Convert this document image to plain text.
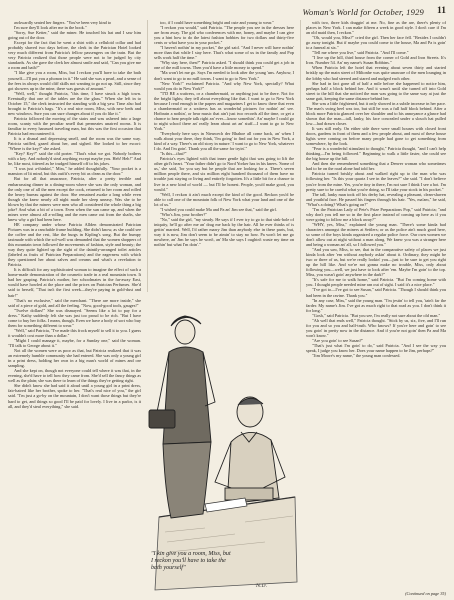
Woman's World for October, 1929 11

awkwardly seated her fingers. "You've been very kind to

I'm sure they'll look after me in the book."

"Sorry, Sue Ketter," said the miner. He touched his hat and I saw him going out of the door.

Except for the fact that he went a shirt with a celluloid collar and had probably shaved two days before, the clerk in the Patrician Hotel looked very much different from Patricia's fellow passengers on the train. But the very Patricia realized that those people were not to be judged by city standards. As she gave the clerk her almost smile and said, "Can you give me a room and bath?"

"I like give you a room, Miss, but I reckon you'll have to take the bath yourself—I'll put you a phonon in it." He said she was a pearl, and a sense of the fees in always would cliff skills not wanting to go not up. Still, since they got showers up in the mine, there was guests of amount."

"Well, well," thought Patricia, "this time, I have struck a high town. Eventually that one of the tables are the the glass." When she left in to October 15," the clerk instructed the standing with a big yaw. Time also had brought to Patricia's bags. "It's a real nice room, Miss, with new beds and new windows. Sure you can sure changes about if you do like it."

Patricia followed the moving of the stairs and was ushered into a large room, scanty with the peculiar smell that permeates unaired rooms. It is familiar to every harassed traveling man, but this was the first occasion that Patricia had encountered it.

It is a dismal and depressing smell, and the room was the same way. Patricia sniffed, gazed about her, and sighed. She looked to her escort: "Where is the key?" she asked.

"Key? Key?" said the old porter. "That's what we got. Nobody bothers with a key. And nobody'd steal anything except maybe you. Heh! Heh!" And he, like most, tittered as he trudged himself off to his jokes.

"I was just a-thinkin'," Miss," he added thoughtfully. "Your pocket is a mansion of lit mind, but this outfit's every bit as clean as the door."

But for all that assurance, Patricia, after a pretty terrible and embarrassing dinner in a dining-room where she was the only woman, and the only one of all the men except the cook, returned to her room and rolled the heavy bureau against the door. She remained awake a long while even though she knew nearly all night made her sleep uneasy. Was she to be blown by that the miners were men who all considered the whole thing a big joke? And what a bit of a town. Even when the sun came up, and when the mines were almost all a-rolling and the men came out from the shafts, she knew why a girl had been here.

HE company under whose Patricia Allden demonstrated Patrician Pictures was in a ranchable frame building. She didn't know, as she could see the coffee and the rest, like the burgs in Kipling's song. But the bumpy taximade with which the sol-well was demanded that the women shoppers of this mountain town followed the movements of fashion, style and beauty; the way they quite lighted up the sight of the daintily-arranged toilet articles (labeled as fruits of Patrician Preparations) and the eagerness with which they questioned her about salves and creams and what's a revelation to Patricia.

It is difficult for any sophisticated woman to imagine the effect of such a home-made demonstration of the cosmetic trade in a real mountain town. It had her gasping. Patricia's mother, her schoolmates in the far-away East, would have howled at the place and the prices on Patrician Perfumes. She'd said to herself, "That isn't the first week—they're paying in gold-dust and hair!"

"That's no exclusive," said the merchant. "There are more inside," she said of a piece of gold, and all the feeling. "Now, good-good tools, gauges!"

"Twelve dollars!" She was dismayed. "Seems like a lot to pay for a dress." Kathy suddenly felt she was just too proud to be rich. "But I have come to buy her folks. I mean, though. Even we have a body of sort who buy them for something different to wear."

"Well," said Patricia, "I've made this frock myself to sell it to you. I guess it wouldn't cost more than a dollar."

"Might I could manage it, maybe, for a Sunday one," said the woman. "I'll talk to George about it."

Not all the women were as poor as that, but Patricia realized that it was an extremely humble community she had entered. She was only a young girl in a print dress, holding her own in a big man's world of mines and ore sampling.

And she kept on, though not everyone could tell where it was that, in the evening, she'd have to tell how they came from. She'd sell the fancy things as well as the plain; she was there to learn of the things they're getting right.

She didn't know she had said it aloud until a young girl in a print dress, fair-haired like her brother, spoke to her. "That's real nice of you," the girl said. "I'm just a go-by on the mountain, I don't want those things but they're hard to get, and things so good I'll be paid for lovely. I live in a parlor, is it all, and they'd steal everything," she said.

too, if I could have something bright and cute and young to wear."

"I reckon you would," said Patricia. "The people you see in the dresses here are from away. The girl who conferences with me, honey, and maybe I can give you a hint how to do the latest fashion hobbies for two dollars and thirty-five cents or what have you in your pocket."

"I haven't nothin' in my pocket," the girl said. "And I never will have nothin' more than that while I stay here. That's what some of us in the family and Pop sells work half the time."

"Why stay here, then?" Patricia asked. "I should think you could get a job in one of the mill towns. Then you'd have a little money to spend."

"Ma won't let me go. Says I'm needed to look after the young 'uns. Anyhow, I don't want to go to no mill towns. I want to go to New York."

"New York!" exclaimed Patricia. "And why New York, specially? What would you do in New York?"

"T'D BE a waitress, or a chambermaid, or anything just to be there. Not for the bright lights; they tell about everything like that. I want to go to New York because I read enough in the papers and magazines I get to know there that even a chambermaid or a waitress has as wonderful pictures for nothin' an' see. Hotbrain a nothin', or hear music that ain't just two records all the time, or get a chance to hear people talk right an' ever—know somethin'. An' maybe I could go to night school there an' really learn about art an' stuff—I want to go to New York."

"Everybody here says in Nieuwech der Bhahoe all come back, an' when I walk about your there, they think, 'I'm going' to find out for you in New York, a kind of a way. There's an old story in nature.' I want to go to New York, whatever I do. And I'm goin'. Thank you all the same for tryin'."

"Is this—that?"

Patricia's eyes lighted with that inner gentle light that was going to lift the other girl's heart. "Your father didn't go to Nord Yorker has in his knees. 'Some of us,' she said, 'for you say but he people that are looking for a. There's seven million people there, and six million eight hundred thousand of them have no trouble just staying or living and entirely forgotten. It's a little bit for a chance to live in a new kind of world — but I'll be honest. People, you'd make good, you would."

"Well, I reckon it ain't much except the kind of the good. Reckon you'd be able to call one of the mountain folk of New York what your land and one of the lot of us."

"I wished you could make Ma and Pa an' Jim see that," said the girl.

"Who's Jim, your brother?"

"No," said the girl, "my steady. He says if I ever try to go to that sink-hole of iniquity, he'll go after me an' drag me back by the hair. All he ever thinks of is gettin' married. Well, I'd rather marry Jim than anybody else in these parts, but, way it is now, Jim don't seem to be aimin' to stay no how. Pa won't let me go nowhere, an' Jim he says he won't, an' Ma she says I oughtn't waste my time on nothin' but what I'm doin'."

with two, three kids draggin' at me. No, fine as the are, there's plenty of places in New York. I can make fifteen a week in good style. I don't care if I'm an old maid then, I reckon."

"Oh, would you, Miss?" cried the girl. Then her face fell. "Besides I couldn't go away tonight. But if maybe you could come to the house, Ma and Pa is goin' to a funeral at six."

"Tell me where you live," said Patricia. "And I'll come."

"I live up the hill, third house from the corner of Gold and Iron Streets. It's Iron. Number 54. An' my name's Susan Robbins."

When Patricia left the hotel that evening about seven thirty and started briskly up the main street of Miltonhe was quite unaware of the men lounging in the lobby who had steered and stared and nudged each other.

She had in fact gone all of half a mile before she happened to notice him, perhaps half a block behind her. And it wasn't until she turned off into Gold street to the hill that she noticed the man was going to the same way at just the same gait, keeping the same distance behind her.

She was a little frightened, but it only showed in a subtle increase in her pace. The man's swing heel was too, but still he was a full half block behind. After a block more Patricia glanced over her shoulder and to his annoyance a glance had shown that the man—tall, lanky, his face concealed under a slouch hat pulled low—had drawn closer.

It was still early. On either side there were small houses with closed front doors, gardens in front of them and a few people about, and most of these house lights were coming on before many people had gone to get something from somewhere, by the look.

"Fear is a wonderful stimulant to thought," Patricia thought, "and I can't help thinking—I'm being followed." Beginning to walk a little faster, she could see the big house up the hill.

And then she remembered something that a Denver woman who sometimes had to be on the road alone had told her.

Patricia turned briskly about and walked right up to the man who was following her. "Is this your quartz I see in the leaves?" she said. "I don't believe you're from the mine. Yes, you're tiny in there, I'm not sure I think I see a hot. I'm pretty sure to be careful what you're doing, so I'll take your stock in his pocket."

The tall, lanky man took off his derby hat, revealing a pleasant, clean-shaven and youthful face. He passed his fingers through his hair. "Yes, ma'am," he said, "What's a doing? What's going on?"

"I'm the Patrician Lady of Pete's Prize Preparations Pop," said Patricia; "and why don't you tell me so in the first place instead of coming up here as if you were going to follow me a block away?"

"WHY, yes, Miss," explained the young man. "There's some kinda bad characters amongst the miners at Settlers; or as the police ain't much good here, so some of the boys kinda organized a regular police force. Our own women we don't allow out at night without a man along. We knew you was a stranger here and being a woman an' all, so I followed you."

"And you saw, Miss, to see, that in the comparative safety of places we just kinda look after 'em without anybody askin' about it. Ordinary, they might be two or three of us, but we're really lookin' you—just to be sure to get you right up the hill like. And we're not gonna make no trouble, Miss, only about following you—well, we just have to look after 'em. Maybe I'm goin' to the top. Miss, you wasn't goin' anywhere in the dark?"

"It's safe for me to walk home," said Patricia. "But I'm coming home with you. I thought people needed mine ran out of sight. I said it's a nice place."

"I've got to—I've got to see Susan," said Patricia. "Though I should think you had been in the ravine. Thank you."

"In any case, Miss," said the young man. "I'm jestin' to tell you, 'tain't far the farder. My name's Jim. I've got as much right to that road as you. I don't think it for long."

"Gosh," said Patricia. "But you see, I'm really not sure about the old man."

"Ah well that ends well," Patricia thought. "Stick by us, six, five, and I'll run for you and so you and half-truth. Who knows? If you're here and goin' to see you goin' in pretty now in the distance. And if you're not goin' then Pa and Ma won't know."

"Are you goin' to see Susan?"

"That's just what I'm goin' to do," said Patricia. "And I see the way you speak, I judge you know her. Does your name happen to be Jim, perhaps?"

"Jim Moore's my name," the young man confessed.

"I kin give you a room, Miss, but I reckon you'll have to take the bath yourself"
N.D.
(Continued on page 35)
